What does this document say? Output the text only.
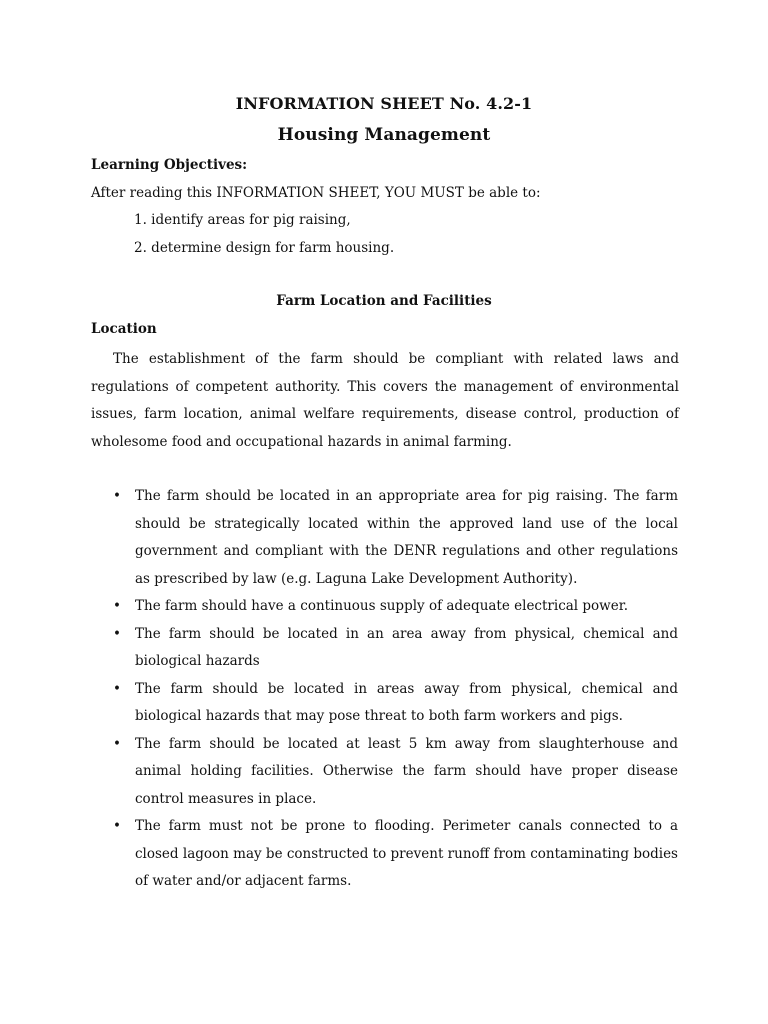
INFORMATION SHEET No. 4.2-1
Housing Management
Learning Objectives:
After reading this INFORMATION SHEET, YOU MUST be able to:
1. identify areas for pig raising,
2. determine design for farm housing.
Farm Location and Facilities
Location

The establishment of the farm should be compliant with related laws and regulations of competent authority. This covers the management of environmental issues, farm location, animal welfare requirements, disease control, production of wholesome food and occupational hazards in animal farming.

• The farm should be located in an appropriate area for pig raising. The farm should be strategically located within the approved land use of the local government and compliant with the DENR regulations and other regulations as prescribed by law (e.g. Laguna Lake Development Authority).

• The farm should have a continuous supply of adequate electrical power.

• The farm should be located in an area away from physical, chemical and biological hazards

• The farm should be located in areas away from physical, chemical and biological hazards that may pose threat to both farm workers and pigs.

• The farm should be located at least 5 km away from slaughterhouse and animal holding facilities. Otherwise the farm should have proper disease control measures in place.

• The farm must not be prone to flooding. Perimeter canals connected to a closed lagoon may be constructed to prevent runoff from contaminating bodies of water and/or adjacent farms.
